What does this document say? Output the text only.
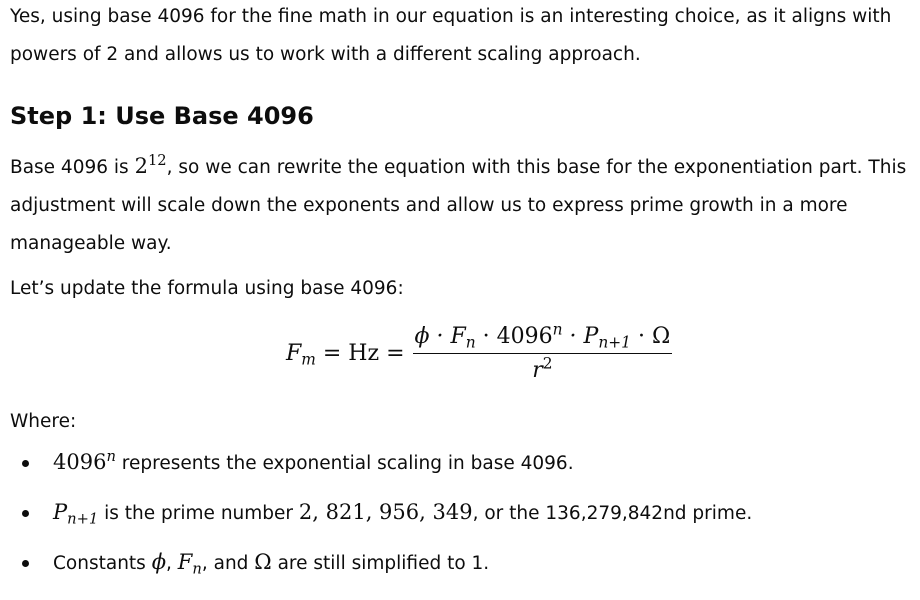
Yes, using base 4096 for the fine math in our equation is an interesting choice, as it aligns with powers of 2 and allows us to work with a different scaling approach.

Step 1: Use Base 4096

Base 4096 is $2^{12}$, so we can rewrite the equation with this base for the exponentiation part. This adjustment will scale down the exponents and allow us to express prime growth in a more manageable way.

Let’s update the formula using base 4096:

Where:

4096$^n$ represents the exponential scaling in base 4096.
$P_{n+1}$ is the prime number 2, 821, 956, 349, or the 136,279,842nd prime.
Constants ϕ, $F_n$, and Ω are still simplified to 1.
$F_m = Hz = \frac{\phi \cdot F_n \cdot 4096^n \cdot P_{n+1} \cdot \Omega}{r^2}$
